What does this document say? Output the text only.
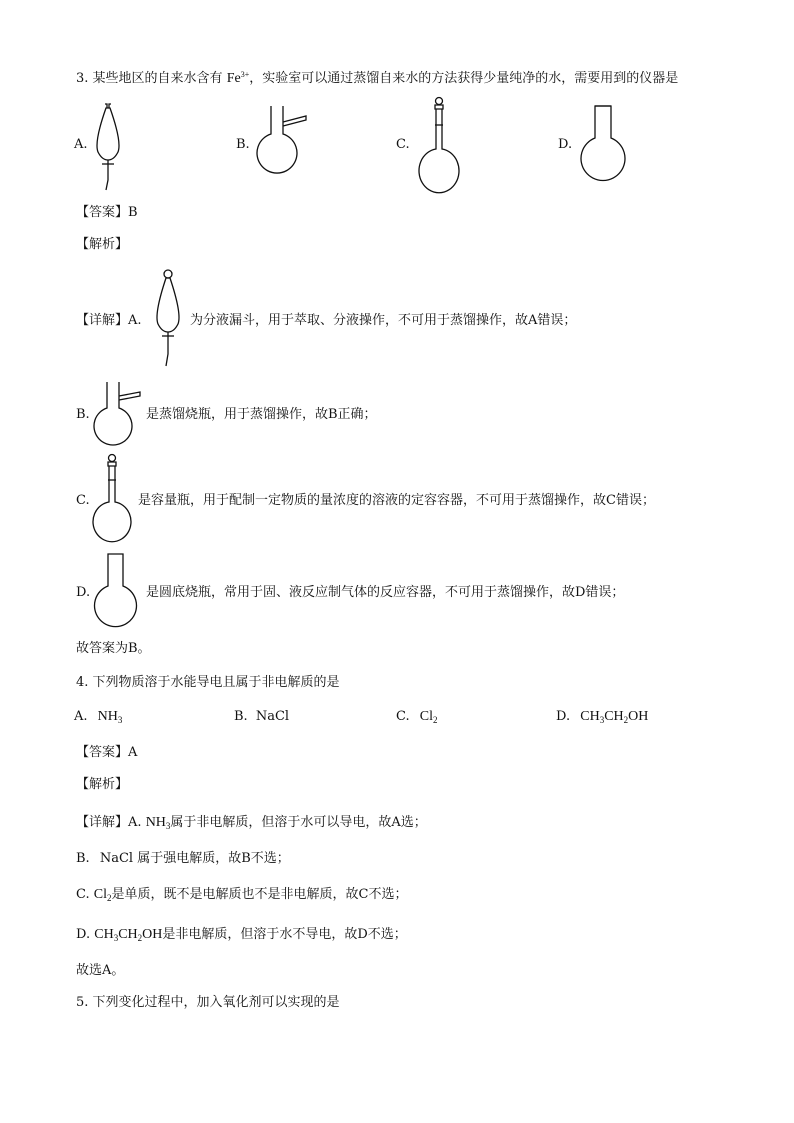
3. 某些地区的自来水含有 $Fe^{3+}$，实验室可以通过蒸馏自来水的方法获得少量纯净的水，需要用到的仪器是
A.	B.	C.	D.
【答案】B
【解析】
【详解】A.	为分液漏斗，用于萃取、分液操作，不可用于蒸馏操作，故A错误；
B.	是蒸馏烧瓶，用于蒸馏操作，故B正确；
C.	是容量瓶，用于配制一定物质的量浓度的溶液的定容容器，不可用于蒸馏操作，故C错误；
D.	是圆底烧瓶，常用于固、液反应制气体的反应容器，不可用于蒸馏操作，故D错误；
故答案为B。
4. 下列物质溶于水能导电且属于非电解质的是
A. $NH_3$	B. NaCl	C. $Cl_2$	D. $CH_3CH_2OH$
【答案】A
【解析】
【详解】A. $NH_3$属于非电解质，但溶于水可以导电，故A选；
B. NaCl 属于强电解质，故B不选；
C. $Cl_2$是单质，既不是电解质也不是非电解质，故C不选；
D. $CH_3CH_2OH$是非电解质，但溶于水不导电，故D不选；
故选A。
5. 下列变化过程中，加入氧化剂可以实现的是
